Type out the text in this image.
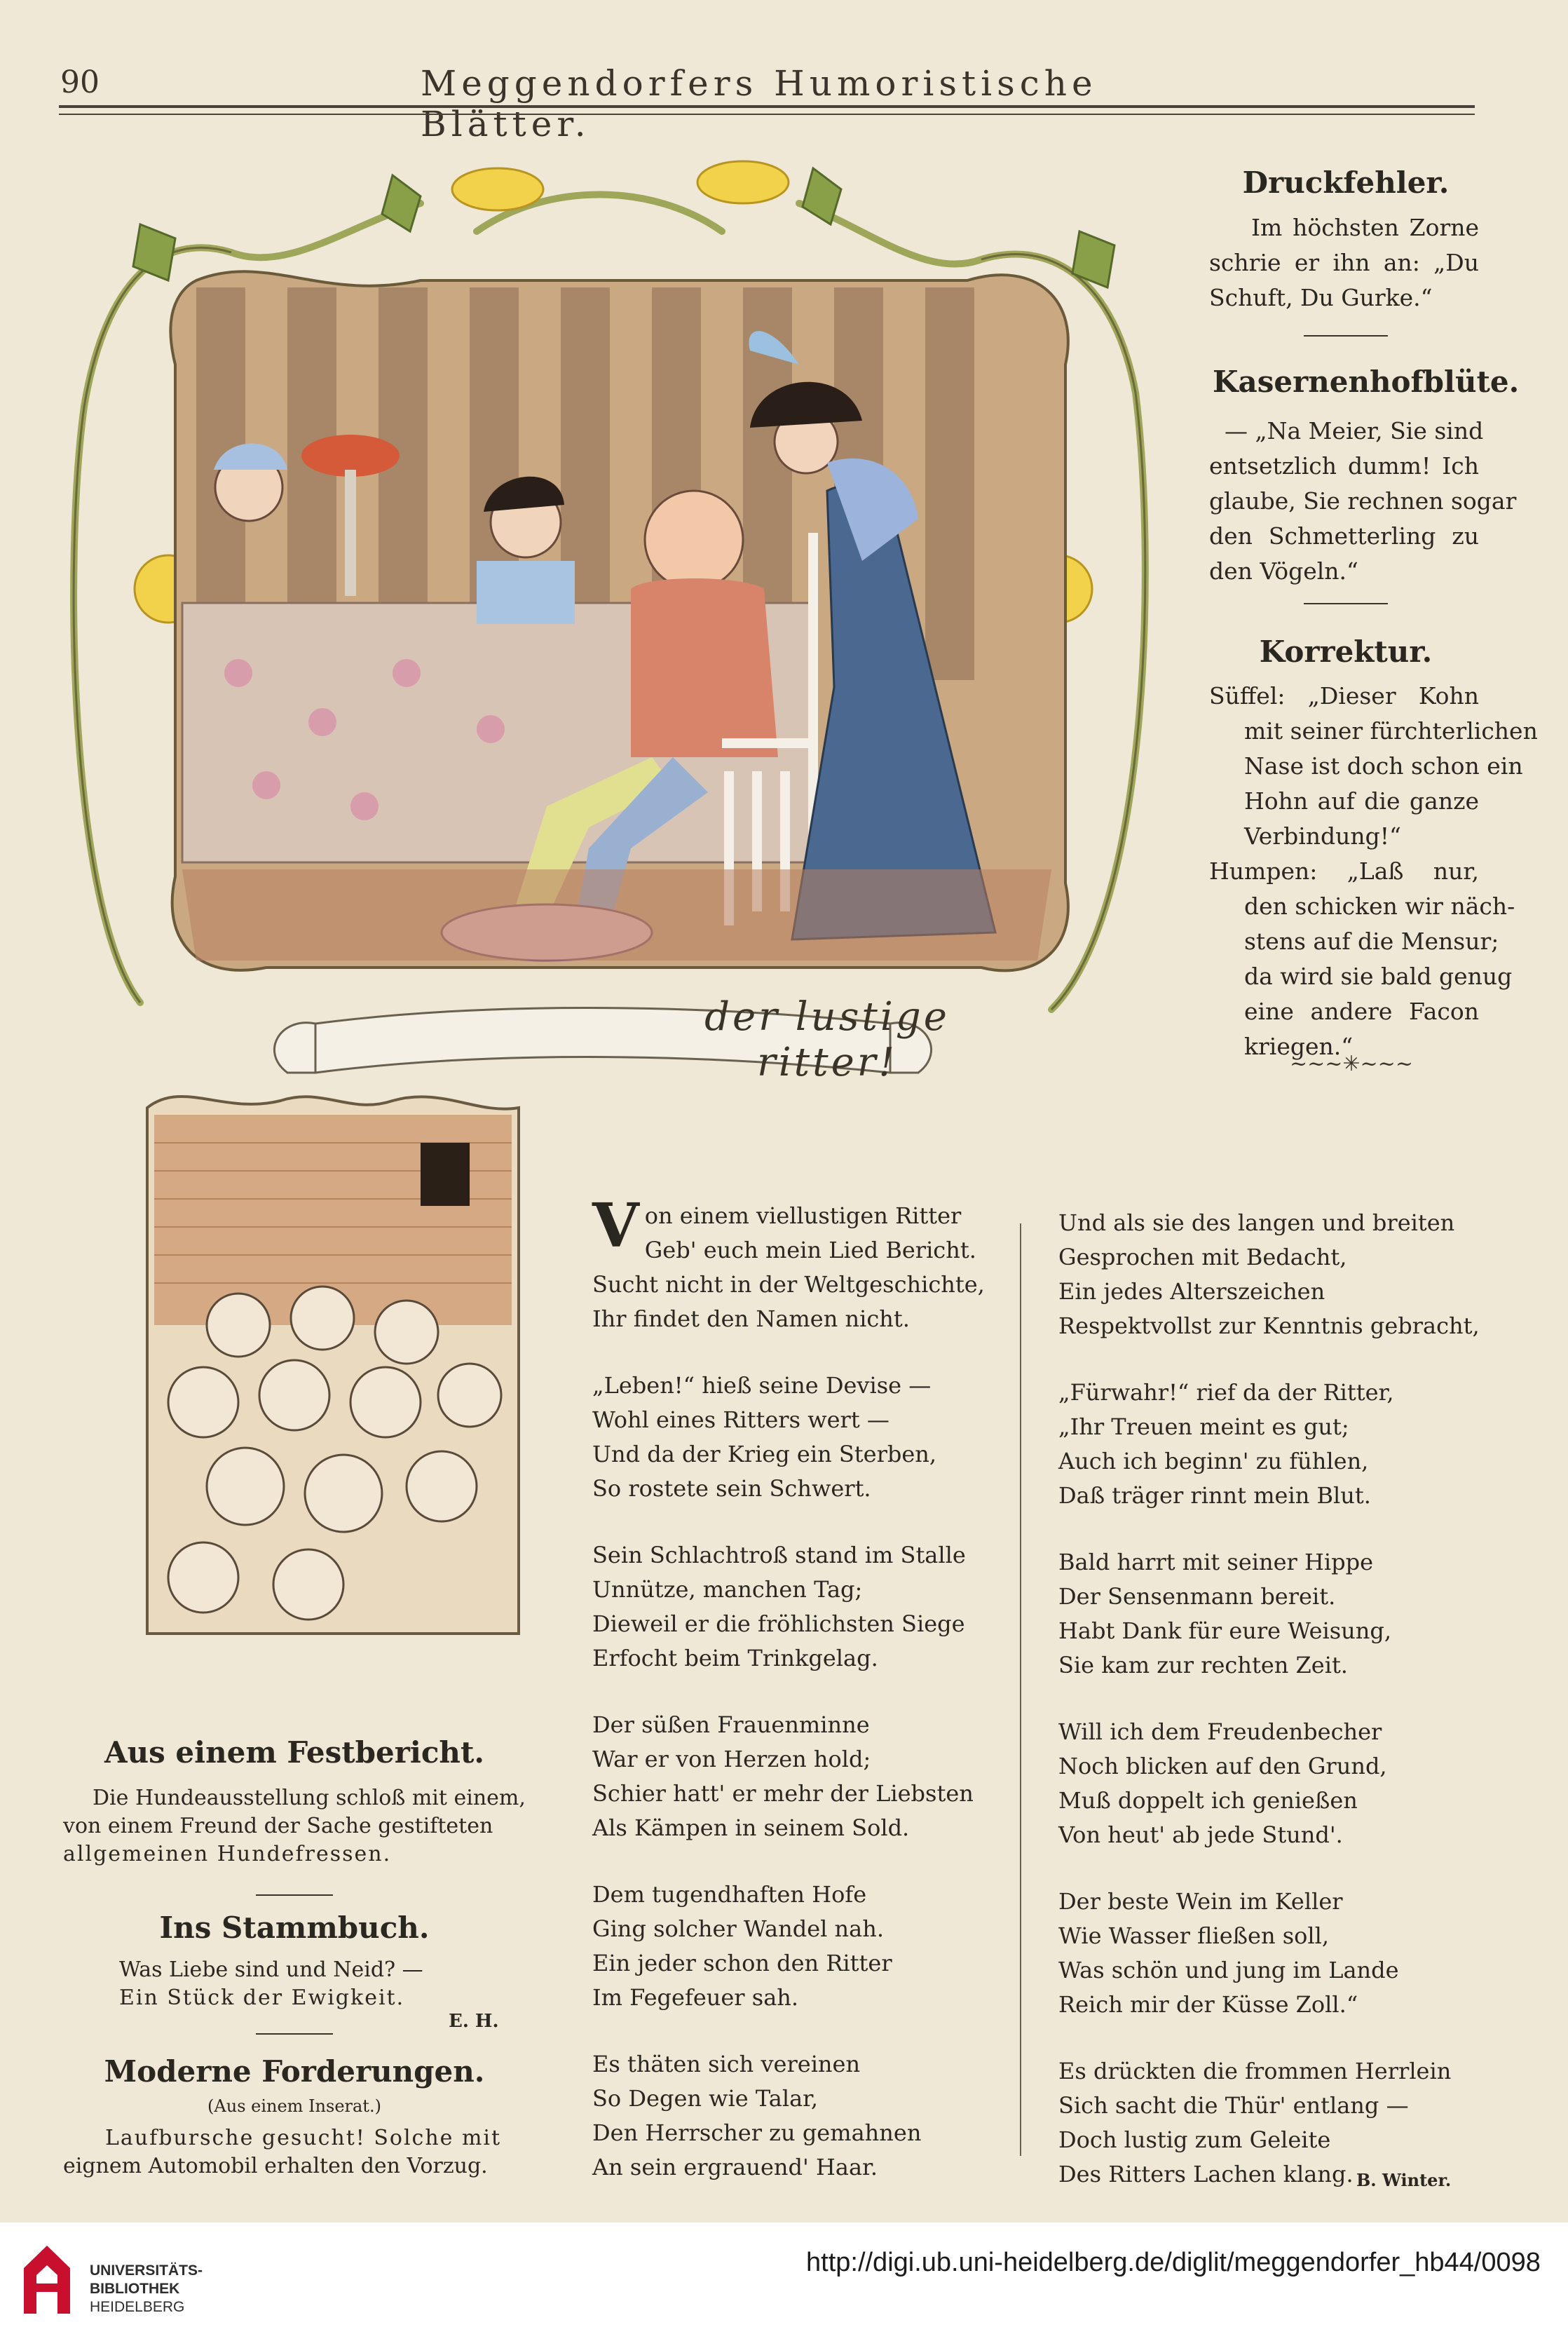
90	Meggendorfers Humoristische Blätter.
der lustige ritter!
Druckfehler.
Im höchsten Zorne
schrie er ihn an: „Du
Schuft, Du Gurke.“
Kasernenhofblüte.
— „Na Meier, Sie sind
entsetzlich dumm! Ich
glaube, Sie rechnen sogar
den Schmetterling zu
den Vögeln.“
Korrektur.
Süffel: „Dieser Kohn
mit seiner fürchterlichen
Nase ist doch schon ein
Hohn auf die ganze
Verbindung!“
Humpen: „Laß nur,
den schicken wir näch-
stens auf die Mensur;
da wird sie bald genug
eine andere Facon
kriegen.“
~~~✳~~~
Aus einem Festbericht.
Die Hundeausstellung schloß mit einem,
von einem Freund der Sache gestifteten
allgemeinen Hundefressen.
Ins Stammbuch.
Was Liebe sind und Neid? —
Ein Stück der Ewigkeit.
E. H.
Moderne Forderungen.
(Aus einem Inserat.)
Laufbursche gesucht! Solche mit
eignem Automobil erhalten den Vorzug.
V on einem viellustigen Ritter
Geb' euch mein Lied Bericht.
Sucht nicht in der Weltgeschichte,
Ihr findet den Namen nicht.
„Leben!“ hieß seine Devise —
Wohl eines Ritters wert —
Und da der Krieg ein Sterben,
So rostete sein Schwert.
Sein Schlachtroß stand im Stalle
Unnütze, manchen Tag;
Dieweil er die fröhlichsten Siege
Erfocht beim Trinkgelag.
Der süßen Frauenminne
War er von Herzen hold;
Schier hatt' er mehr der Liebsten
Als Kämpen in seinem Sold.
Dem tugendhaften Hofe
Ging solcher Wandel nah.
Ein jeder schon den Ritter
Im Fegefeuer sah.
Es thäten sich vereinen
So Degen wie Talar,
Den Herrscher zu gemahnen
An sein ergrauend' Haar.
Und als sie des langen und breiten
Gesprochen mit Bedacht,
Ein jedes Alterszeichen
Respektvollst zur Kenntnis gebracht,
„Fürwahr!“ rief da der Ritter,
„Ihr Treuen meint es gut;
Auch ich beginn' zu fühlen,
Daß träger rinnt mein Blut.
Bald harrt mit seiner Hippe
Der Sensenmann bereit.
Habt Dank für eure Weisung,
Sie kam zur rechten Zeit.
Will ich dem Freudenbecher
Noch blicken auf den Grund,
Muß doppelt ich genießen
Von heut' ab jede Stund'.
Der beste Wein im Keller
Wie Wasser fließen soll,
Was schön und jung im Lande
Reich mir der Küsse Zoll.“
Es drückten die frommen Herrlein
Sich sacht die Thür' entlang —
Doch lustig zum Geleite
Des Ritters Lachen klang. B. Winter.
UNIVERSITÄTS-
BIBLIOTHEK
HEIDELBERG
http://digi.ub.uni-heidelberg.de/diglit/meggendorfer_hb44/0098
